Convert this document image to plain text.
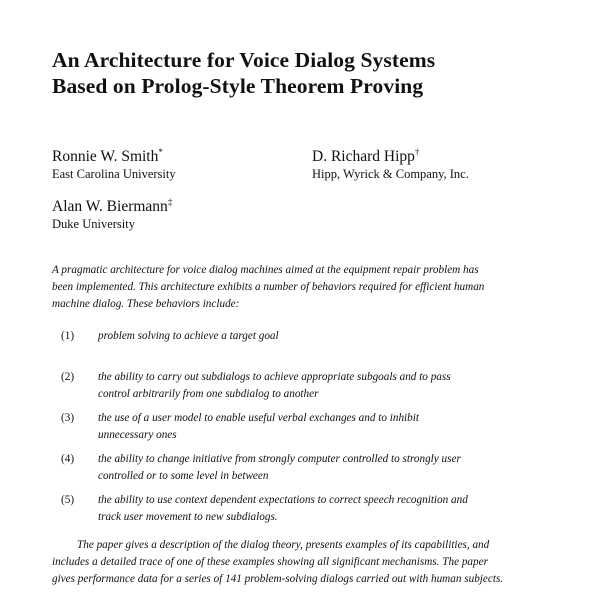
An Architecture for Voice Dialog Systems
Based on Prolog-Style Theorem Proving
Ronnie W. Smith*
East Carolina University
D. Richard Hipp†
Hipp, Wyrick & Company, Inc.
Alan W. Biermann‡
Duke University
A pragmatic architecture for voice dialog machines aimed at the equipment repair problem has
been implemented. This architecture exhibits a number of behaviors required for efficient human
machine dialog. These behaviors include:
(1) problem solving to achieve a target goal
(2) the ability to carry out subdialogs to achieve appropriate subgoals and to pass
control arbitrarily from one subdialog to another
(3) the use of a user model to enable useful verbal exchanges and to inhibit
unnecessary ones
(4) the ability to change initiative from strongly computer controlled to strongly user
controlled or to some level in between
(5) the ability to use context dependent expectations to correct speech recognition and
track user movement to new subdialogs.
The paper gives a description of the dialog theory, presents examples of its capabilities, and
includes a detailed trace of one of these examples showing all significant mechanisms. The paper
gives performance data for a series of 141 problem-solving dialogs carried out with human subjects.
